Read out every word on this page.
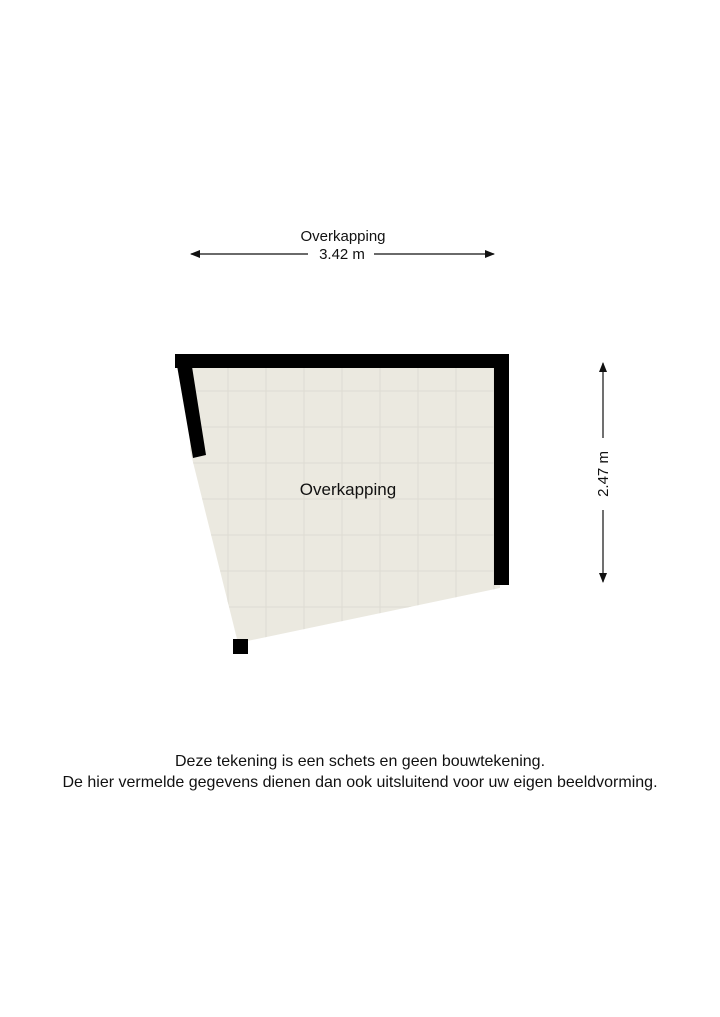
Overkapping
3.42 m
2.47 m
Overkapping
Deze tekening is een schets en geen bouwtekening.
De hier vermelde gegevens dienen dan ook uitsluitend voor uw eigen beeldvorming.
